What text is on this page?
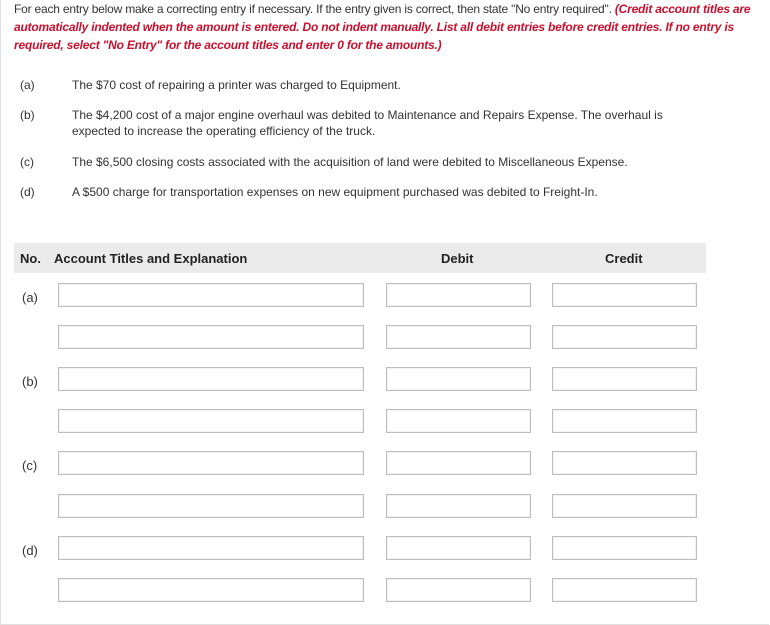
For each entry below make a correcting entry if necessary. If the entry given is correct, then state "No entry required". (Credit account titles are automatically indented when the amount is entered. Do not indent manually. List all debit entries before credit entries. If no entry is required, select "No Entry" for the account titles and enter 0 for the amounts.)
(a)	The $70 cost of repairing a printer was charged to Equipment.
(b)	The $4,200 cost of a major engine overhaul was debited to Maintenance and Repairs Expense. The overhaul is expected to increase the operating efficiency of the truck.
(c)	The $6,500 closing costs associated with the acquisition of land were debited to Miscellaneous Expense.
(d)	A $500 charge for transportation expenses on new equipment purchased was debited to Freight-In.
No. Account Titles and Explanation	Debit	Credit
(a)
(b)
(c)
(d)
